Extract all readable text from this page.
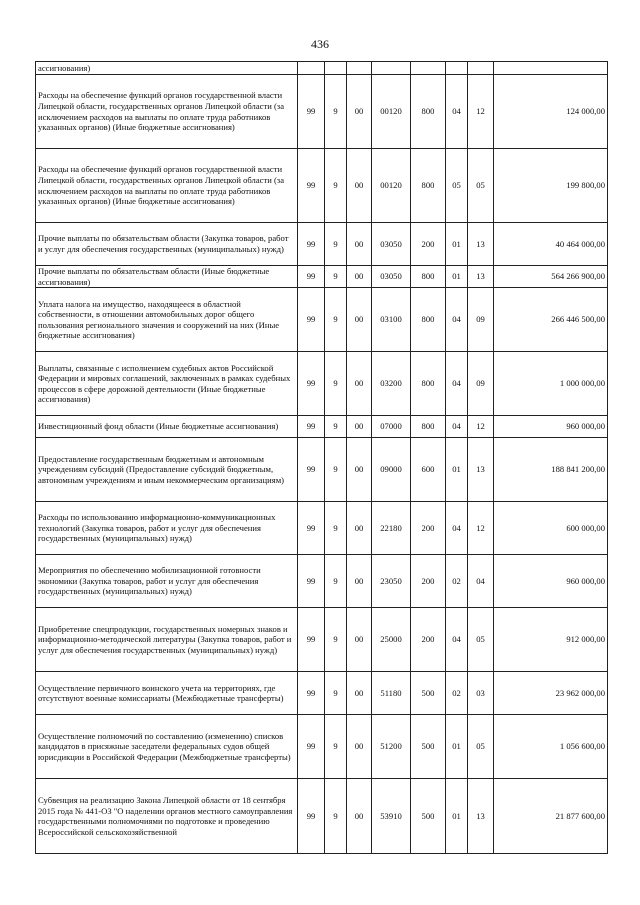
436
ассигнования)								
Расходы на обеспечение функций органов государственной власти Липецкой области, государственных органов Липецкой области (за исключением расходов на выплаты по оплате труда работников указанных органов) (Иные бюджетные ассигнования)	99	9	00	00120	800	04	12	124 000,00
Расходы на обеспечение функций органов государственной власти Липецкой области, государственных органов Липецкой области (за исключением расходов на выплаты по оплате труда работников указанных органов) (Иные бюджетные ассигнования)	99	9	00	00120	800	05	05	199 800,00
Прочие выплаты по обязательствам области (Закупка товаров, работ и услуг для обеспечения государственных (муниципальных) нужд)	99	9	00	03050	200	01	13	40 464 000,00
Прочие выплаты по обязательствам области (Иные бюджетные ассигнования)	99	9	00	03050	800	01	13	564 266 900,00
Уплата налога на имущество, находящееся в областной собственности, в отношении автомобильных дорог общего пользования регионального значения и сооружений на них (Иные бюджетные ассигнования)	99	9	00	03100	800	04	09	266 446 500,00
Выплаты, связанные с исполнением судебных актов Российской Федерации и мировых соглашений, заключенных в рамках судебных процессов в сфере дорожной деятельности (Иные бюджетные ассигнования)	99	9	00	03200	800	04	09	1 000 000,00
Инвестиционный фонд области (Иные бюджетные ассигнования)	99	9	00	07000	800	04	12	960 000,00
Предоставление государственным бюджетным и автономным учреждениям субсидий (Предоставление субсидий бюджетным, автономным учреждениям и иным некоммерческим организациям)	99	9	00	09000	600	01	13	188 841 200,00
Расходы по использованию информационно-коммуникационных технологий (Закупка товаров, работ и услуг для обеспечения государственных (муниципальных) нужд)	99	9	00	22180	200	04	12	600 000,00
Мероприятия по обеспечению мобилизационной готовности экономики (Закупка товаров, работ и услуг для обеспечения государственных (муниципальных) нужд)	99	9	00	23050	200	02	04	960 000,00
Приобретение спецпродукции, государственных номерных знаков и информационно-методической литературы (Закупка товаров, работ и услуг для обеспечения государственных (муниципальных) нужд)	99	9	00	25000	200	04	05	912 000,00
Осуществление первичного воинского учета на территориях, где отсутствуют военные комиссариаты (Межбюджетные трансферты)	99	9	00	51180	500	02	03	23 962 000,00
Осуществление полномочий по составлению (изменению) списков кандидатов в присяжные заседатели федеральных судов общей юрисдикции в Российской Федерации (Межбюджетные трансферты)	99	9	00	51200	500	01	05	1 056 600,00
Субвенция на реализацию Закона Липецкой области от 18 сентября 2015 года № 441-ОЗ "О наделении органов местного самоуправления государственными полномочиями по подготовке и проведению Всероссийской сельскохозяйственной	99	9	00	53910	500	01	13	21 877 600,00
